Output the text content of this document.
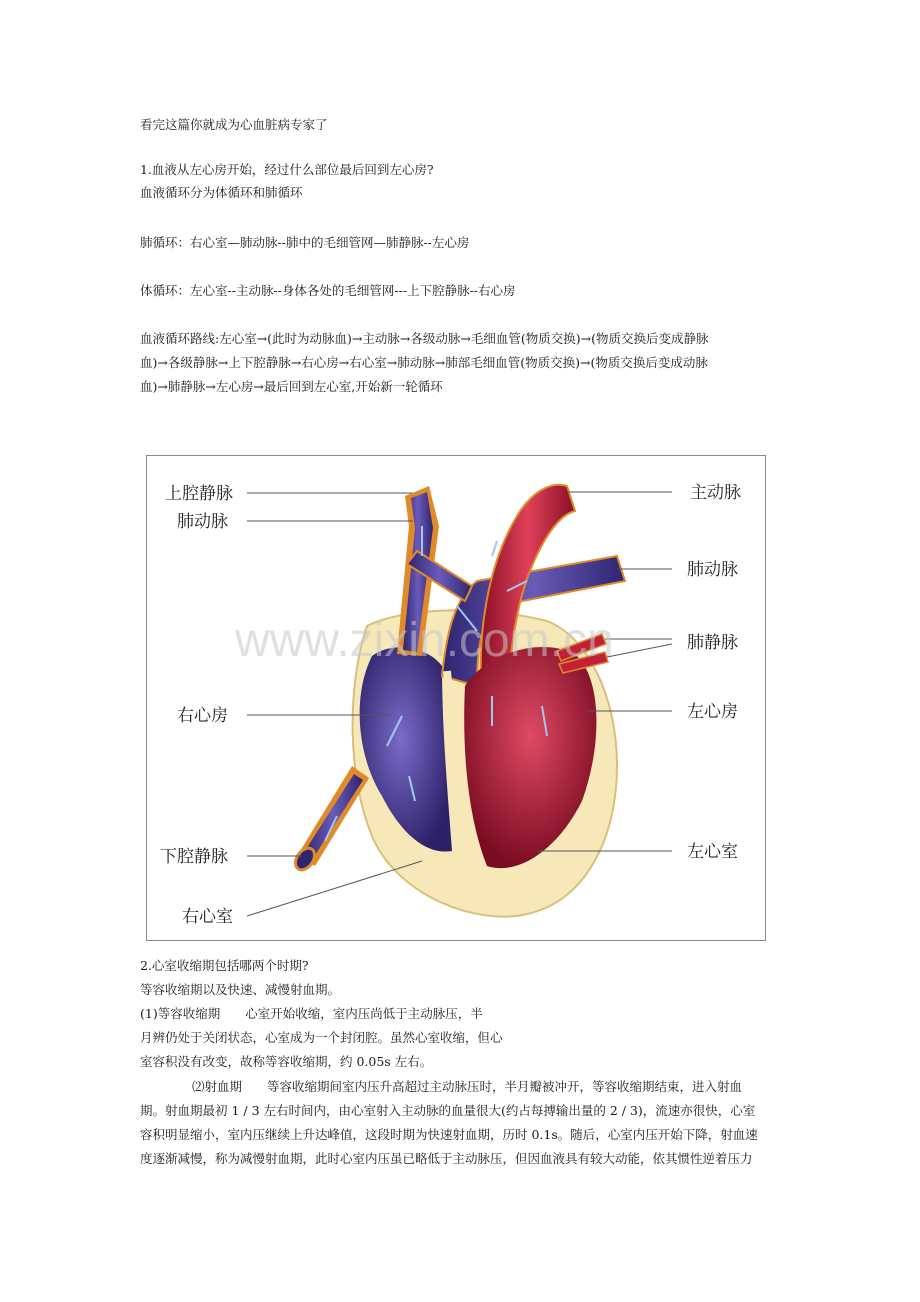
看完这篇你就成为心血脏病专家了
1.血液从左心房开始，经过什么部位最后回到左心房?
血液循环分为体循环和肺循环
肺循环：右心室—肺动脉--肺中的毛细管网—肺静脉--左心房
体循环：左心室--主动脉--身体各处的毛细管网---上下腔静脉--右心房
血液循环路线:左心室→(此时为动脉血)→主动脉→各级动脉→毛细血管(物质交换)→(物质交换后变成静脉
血)→各级静脉→上下腔静脉→右心房→右心室→肺动脉→肺部毛细血管(物质交换)→(物质交换后变成动脉
血)→肺静脉→左心房→最后回到左心室,开始新一轮循环
www.zixin.com.cn
上腔静脉
肺动脉
右心房
下腔静脉
右心室
主动脉
肺动脉
肺静脉
左心房
左心室
2.心室收缩期包括哪两个时期?
等容收缩期以及快速、减慢射血期。
(1)等容收缩期　　心室开始收缩，室内压尚低于主动脉压，半
月辨仍处于关闭状态，心室成为一个封闭腔。虽然心室收缩，但心
室容积没有改变，故称等容收缩期，约 0.05s 左右。
⑵射血期　　等容收缩期间室内压升高超过主动脉压时，半月瓣被冲开，等容收缩期结束，进入射血
期。射血期最初 1 / 3 左右时间内，由心室射入主动脉的血量很大(约占每搏输出量的 2 / 3)，流速亦很快，心室
容积明显缩小，室内压继续上升达峰值，这段时期为快速射血期，历时 0.1s。随后，心室内压开始下降，射血速
度逐渐减慢，称为减慢射血期，此时心室内压虽已略低于主动脉压，但因血液具有较大动能，依其惯性逆着压力
